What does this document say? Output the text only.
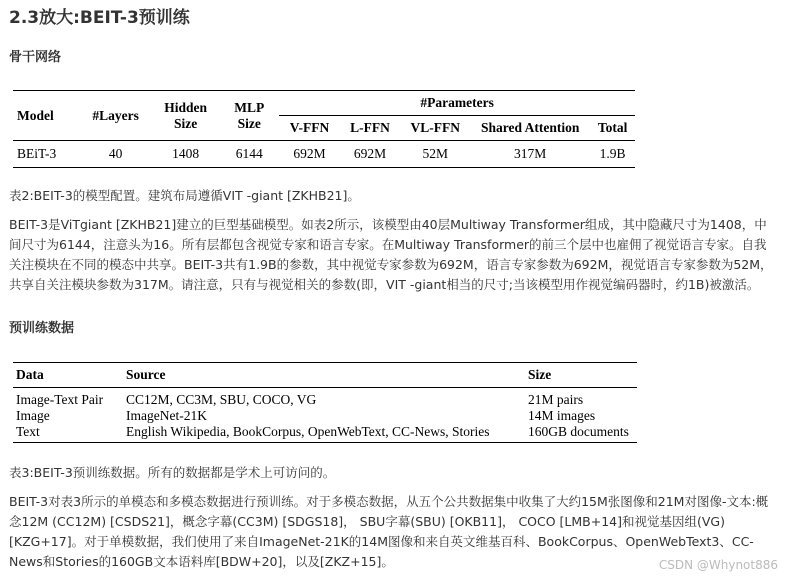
2.3放大:BEIT-3预训练
骨干网络
Model	#Layers	Hidden Size	MLP Size	#Parameters				
				V-FFN	L-FFN	VL-FFN	Shared Attention	Total
BEiT-3	40	1408	6144	692M	692M	52M	317M	1.9B
表2:BEIT-3的模型配置。建筑布局遵循VIT -giant [ZKHB21]。
BEIT-3是ViTgiant [ZKHB21]建立的巨型基础模型。如表2所示，该模型由40层Multiway Transformer组成，其中隐藏尺寸为1408，中间尺寸为6144，注意头为16。所有层都包含视觉专家和语言专家。在Multiway Transformer的前三个层中也雇佣了视觉语言专家。自我关注模块在不同的模态中共享。BEIT-3共有1.9B的参数，其中视觉专家参数为692M，语言专家参数为692M，视觉语言专家参数为52M，共享自关注模块参数为317M。请注意，只有与视觉相关的参数(即，VIT -giant相当的尺寸;当该模型用作视觉编码器时，约1B)被激活。
预训练数据
Data	Source	Size
Image-Text Pair	CC12M, CC3M, SBU, COCO, VG	21M pairs
Image	ImageNet-21K	14M images
Text	English Wikipedia, BookCorpus, OpenWebText, CC-News, Stories	160GB documents
表3:BEIT-3预训练数据。所有的数据都是学术上可访问的。
BEIT-3对表3所示的单模态和多模态数据进行预训练。对于多模态数据，从五个公共数据集中收集了大约15M张图像和21M对图像-文本:概念12M (CC12M) [CSDS21]，概念字幕(CC3M) [SDGS18]， SBU字幕(SBU) [OKB11]， COCO [LMB+14]和视觉基因组(VG) [KZG+17]。对于单模数据，我们使用了来自ImageNet-21K的14M图像和来自英文维基百科、BookCorpus、OpenWebText3、CC-News和Stories的160GB文本语料库[BDW+20]，以及[ZKZ+15]。	CSDN @Whynot886
